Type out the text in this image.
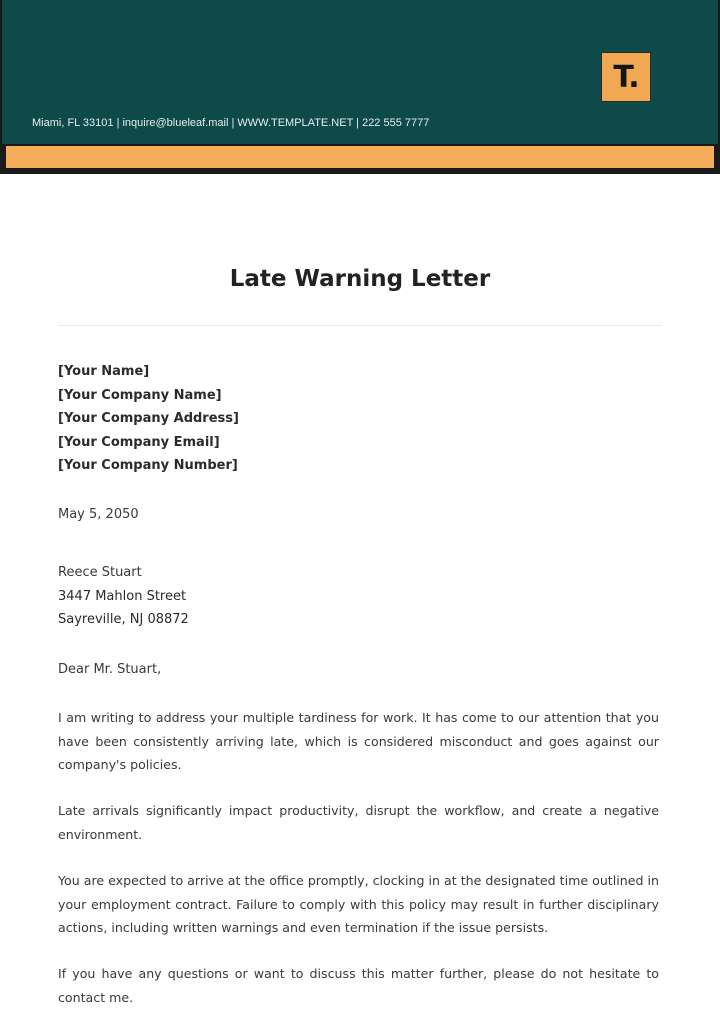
T.
Miami, FL 33101 | inquire@blueleaf.mail | WWW.TEMPLATE.NET | 222 555 7777
Late Warning Letter
[Your Name]
[Your Company Name]
[Your Company Address]
[Your Company Email]
[Your Company Number]
May 5, 2050
Reece Stuart
3447 Mahlon Street
Sayreville, NJ 08872
Dear Mr. Stuart,
I am writing to address your multiple tardiness for work. It has come to our attention that you have been consistently arriving late, which is considered misconduct and goes against our company's policies.
Late arrivals significantly impact productivity, disrupt the workflow, and create a negative environment.
You are expected to arrive at the office promptly, clocking in at the designated time outlined in your employment contract. Failure to comply with this policy may result in further disciplinary actions, including written warnings and even termination if the issue persists.
If you have any questions or want to discuss this matter further, please do not hesitate to contact me.
